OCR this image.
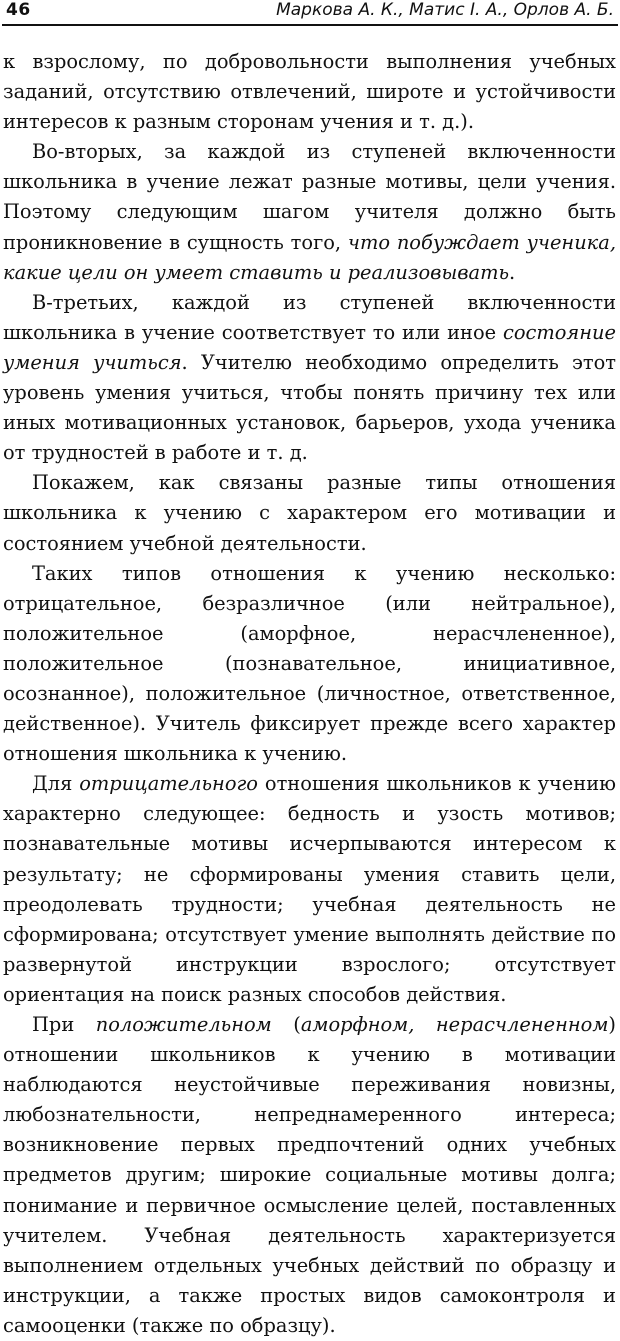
46	Маркова А. К., Матис І. А., Орлов А. Б.

к взрослому, по добровольности выполнения учебных заданий, отсутствию отвлечений, широте и устойчивости интересов к разным сторонам учения и т. д.).

Во-вторых, за каждой из ступеней включенности школьника в учение лежат разные мотивы, цели учения. Поэтому следующим шагом учителя должно быть проникновение в сущность того, что побуждает ученика, какие цели он умеет ставить и реализовывать.

В-третьих, каждой из ступеней включенности школьника в учение соответствует то или иное состояние умения учиться. Учителю необходимо определить этот уровень умения учиться, чтобы понять причину тех или иных мотивационных установок, барьеров, ухода ученика от трудностей в работе и т. д.

Покажем, как связаны разные типы отношения школьника к учению с характером его мотивации и состоянием учебной деятельности.

Таких типов отношения к учению несколько: отрицательное, безразличное (или нейтральное), положительное (аморфное, нерасчлененное), положительное (познавательное, инициативное, осознанное), положительное (личностное, ответственное, действенное). Учитель фиксирует прежде всего характер отношения школьника к учению.

Для отрицательного отношения школьников к учению характерно следующее: бедность и узость мотивов; познавательные мотивы исчерпываются интересом к результату; не сформированы умения ставить цели, преодолевать трудности; учебная деятельность не сформирована; отсутствует умение выполнять действие по развернутой инструкции взрослого; отсутствует ориентация на поиск разных способов действия.

При положительном (аморфном, нерасчлененном) отношении школьников к учению в мотивации наблюдаются неустойчивые переживания новизны, любознательности, непреднамеренного интереса; возникновение первых предпочтений одних учебных предметов другим; широкие социальные мотивы долга; понимание и первичное осмысление целей, поставленных учителем. Учебная деятельность характеризуется выполнением отдельных учебных действий по образцу и инструкции, а также простых видов самоконтроля и самооценки (также по образцу).
